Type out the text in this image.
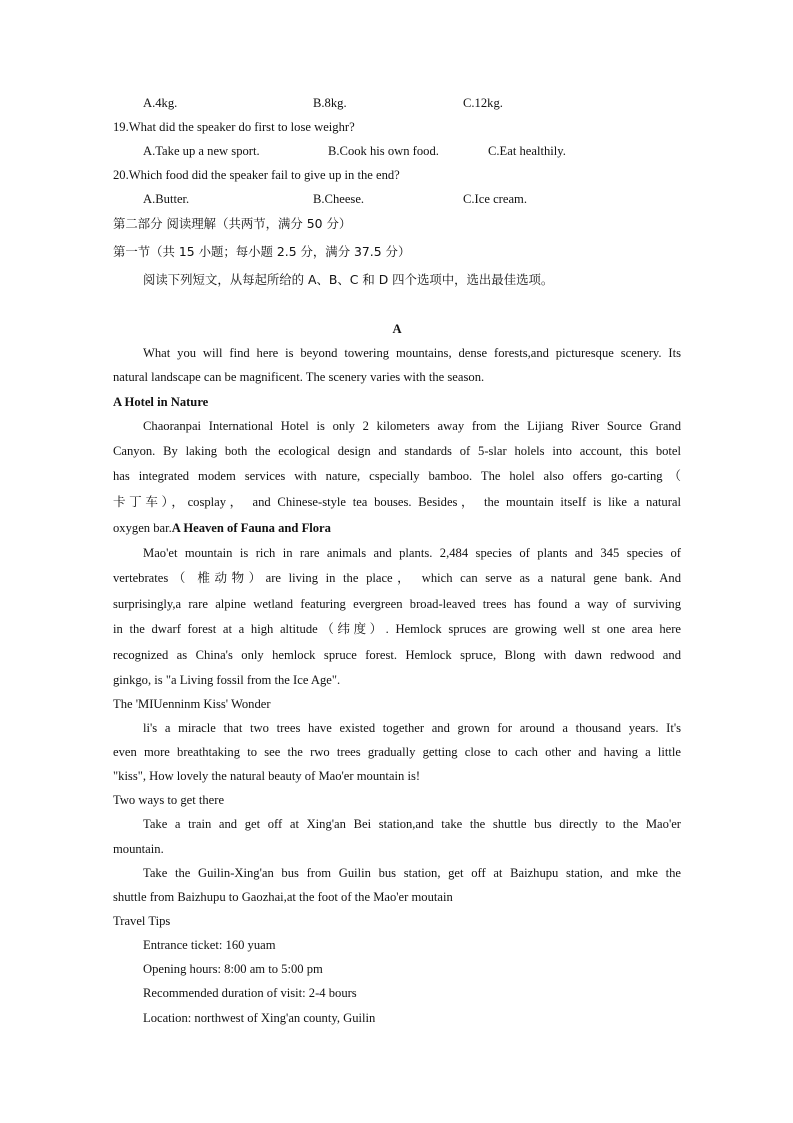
A.4kg.	B.8kg.	C.12kg.
19.What did the speaker do first to lose weighr?
A.Take up a new sport.	B.Cook his own food.	C.Eat healthily.
20.Which food did the speaker fail to give up in the end?
A.Butter.	B.Cheese.	C.Ice cream.
第二部分 阅读理解（共两节，满分 50 分）
第一节（共 15 小题；每小题 2.5 分，满分 37.5 分）
阅读下列短文，从每起所给的 A、B、C 和 D 四个选项中，选出最佳选项。
A
What you will find here is beyond towering mountains, dense forests,and picturesque scenery. Its
natural landscape can be magnificent. The scenery varies with the season.
A Hotel in Nature
Chaoranpai International Hotel is only 2 kilometers away from the Lijiang River Source Grand
Canyon. By laking both the ecological design and standards of 5-slar holels into account, this botel
has integrated modem services with nature, cspecially bamboo. The holel also offers go-carting（
卡丁车），cosplay， and Chinese-style tea bouses. Besides， the mountain itseIf is like a natural
oxygen bar.A Heaven of Fauna and Flora
Mao'et mountain is rich in rare animals and plants. 2,484 species of plants and 345 species of
vertebrates（ 椎动物）are living in the place， which can serve as a natural gene bank. And
surprisingly,a rare alpine wetland featuring evergreen broad-leaved trees has found a way of surviving
in the dwarf forest at a high altitude（纬度）. Hemlock spruces are growing well st one area here
recognized as China's only hemlock spruce forest. Hemlock spruce, Blong with dawn redwood and
ginkgo, is "a Living fossil from the Ice Age".
The 'MIUenninm Kiss' Wonder
li's a miracle that two trees have existed together and grown for around a thousand years. It's
even more breathtaking to see the rwo trees gradually getting close to cach other and having a little
"kiss", How lovely the natural beauty of Mao'er mountain is!
Two ways to get there
Take a train and get off at Xing'an Bei station,and take the shuttle bus directly to the Mao'er
mountain.
Take the Guilin-Xing'an bus from Guilin bus station, get off at Baizhupu station, and mke the
shuttle from Baizhupu to Gaozhai,at the foot of the Mao'er moutain
Travel Tips
Entrance ticket: 160 yuam
Opening hours: 8:00 am to 5:00 pm
Recommended duration of visit: 2-4 bours
Location: northwest of Xing'an county, Guilin
